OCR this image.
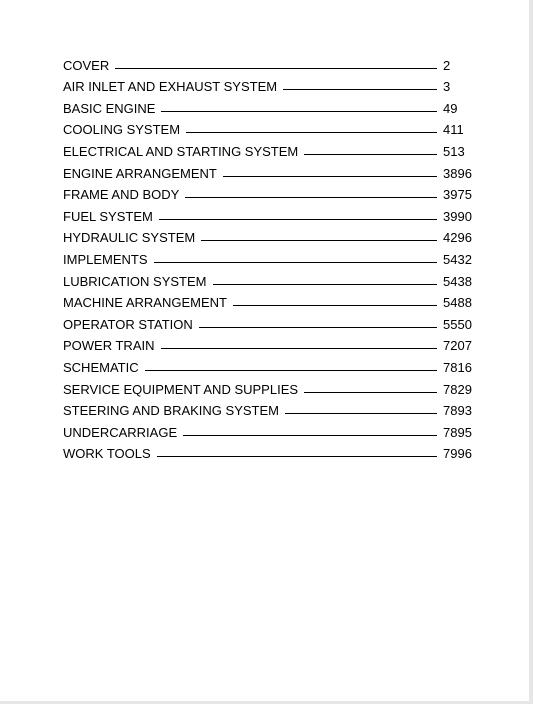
COVER	2
AIR INLET AND EXHAUST SYSTEM	3
BASIC ENGINE	49
COOLING SYSTEM	411
ELECTRICAL AND STARTING SYSTEM	513
ENGINE ARRANGEMENT	3896
FRAME AND BODY	3975
FUEL SYSTEM	3990
HYDRAULIC SYSTEM	4296
IMPLEMENTS	5432
LUBRICATION SYSTEM	5438
MACHINE ARRANGEMENT	5488
OPERATOR STATION	5550
POWER TRAIN	7207
SCHEMATIC	7816
SERVICE EQUIPMENT AND SUPPLIES	7829
STEERING AND BRAKING SYSTEM	7893
UNDERCARRIAGE	7895
WORK TOOLS	7996
